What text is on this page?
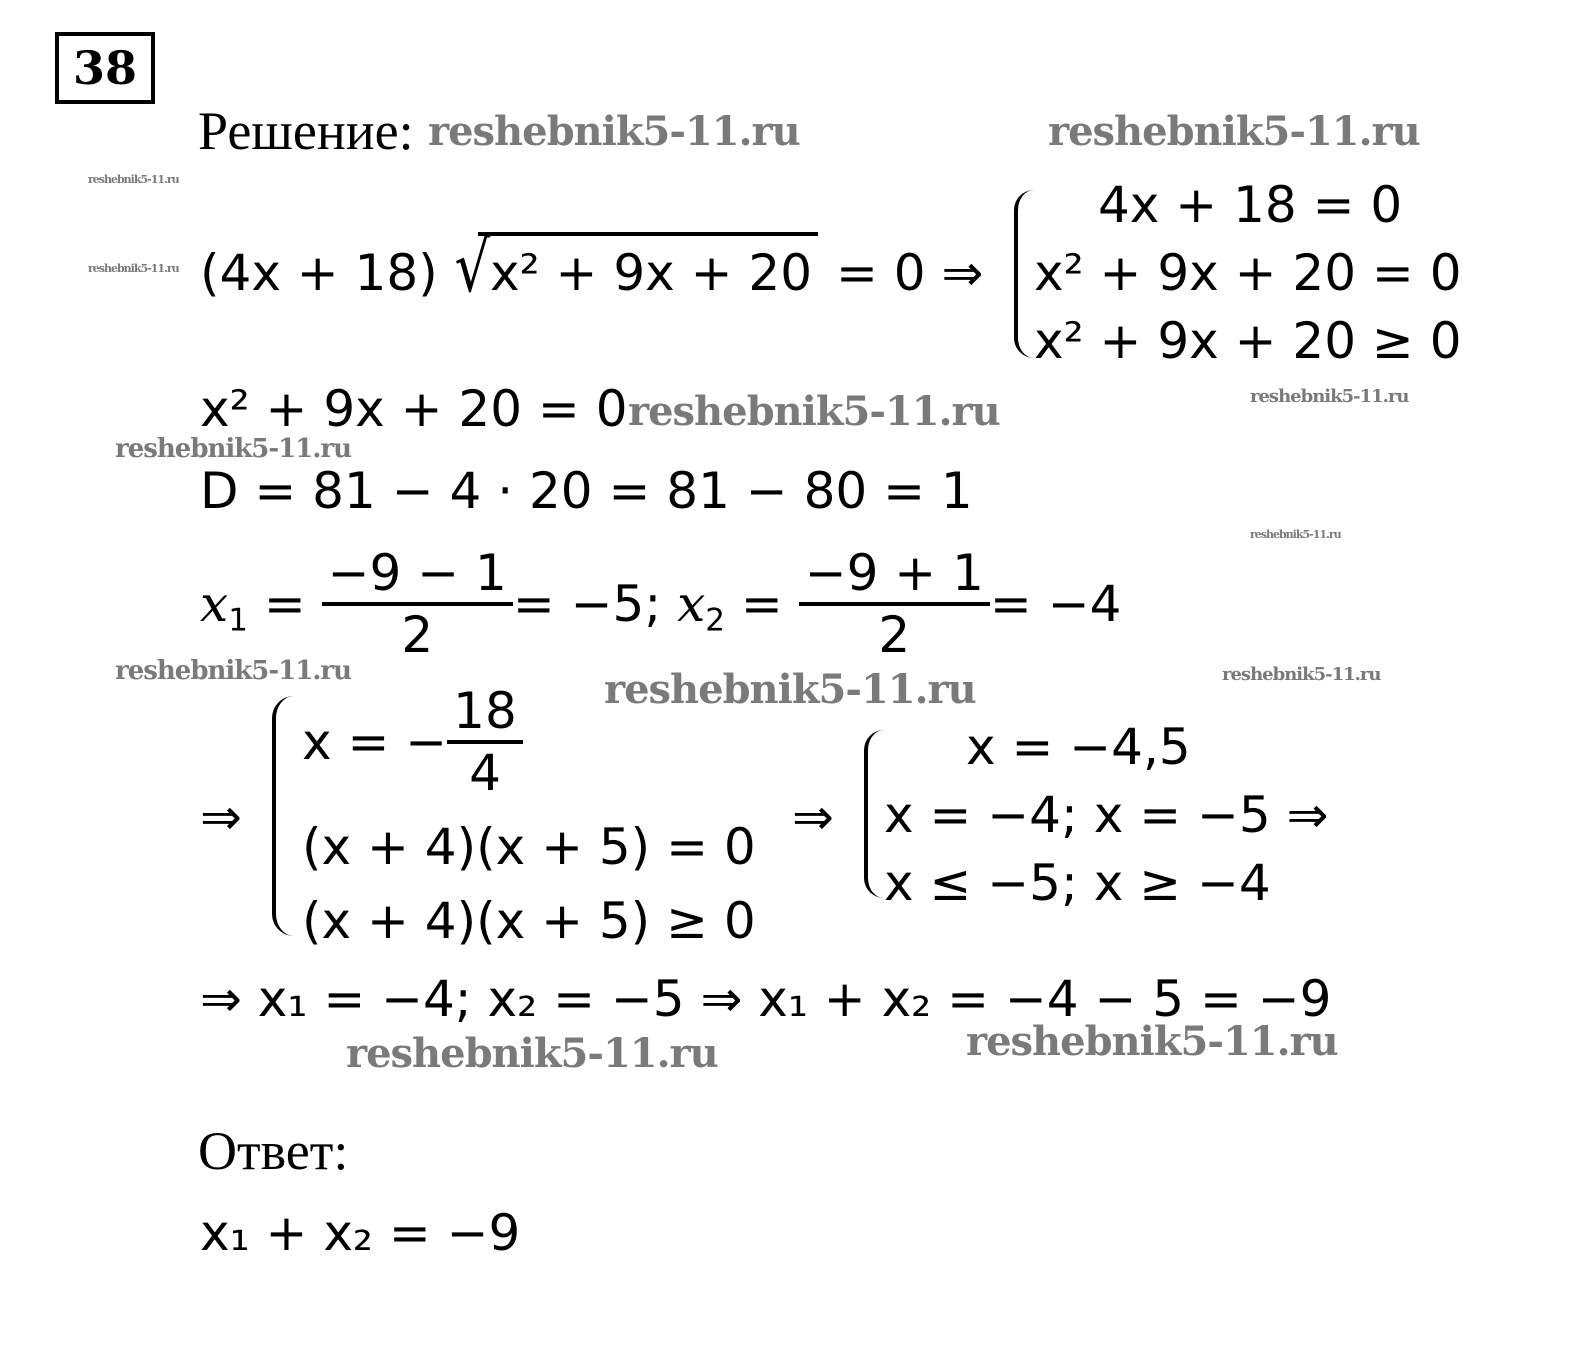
38
Решение: reshebnik5-11.ru	reshebnik5-11.ru
reshebnik5-11.ru
reshebnik5-11.ru
reshebnik5-11.ru	reshebnik5-11.ru
reshebnik5-11.ru
reshebnik5-11.ru
reshebnik5-11.ru	reshebnik5-11.ru	reshebnik5-11.ru
reshebnik5-11.ru	reshebnik5-11.ru
(4x + 18) √ x² + 9x + 20 = 0 ⇒
4x + 18 = 0
x² + 9x + 20 = 0
x² + 9x + 20 ≥ 0
x² + 9x + 20 = 0
D = 81 − 4 · 20 = 81 − 80 = 1
$x_1 = \frac{-9 - 1}{2} = -5$; $x_2 = \frac{-9 + 1}{2} = -4$
⇒
x = − $\frac{18}{4}$
(x + 4)(x + 5) = 0
(x + 4)(x + 5) ≥ 0
⇒
x = −4,5
x = −4; x = −5 ⇒
x ≤ −5; x ≥ −4
⇒ x₁ = −4; x₂ = −5 ⇒ x₁ + x₂ = −4 − 5 = −9
Ответ:
x₁ + x₂ = −9
